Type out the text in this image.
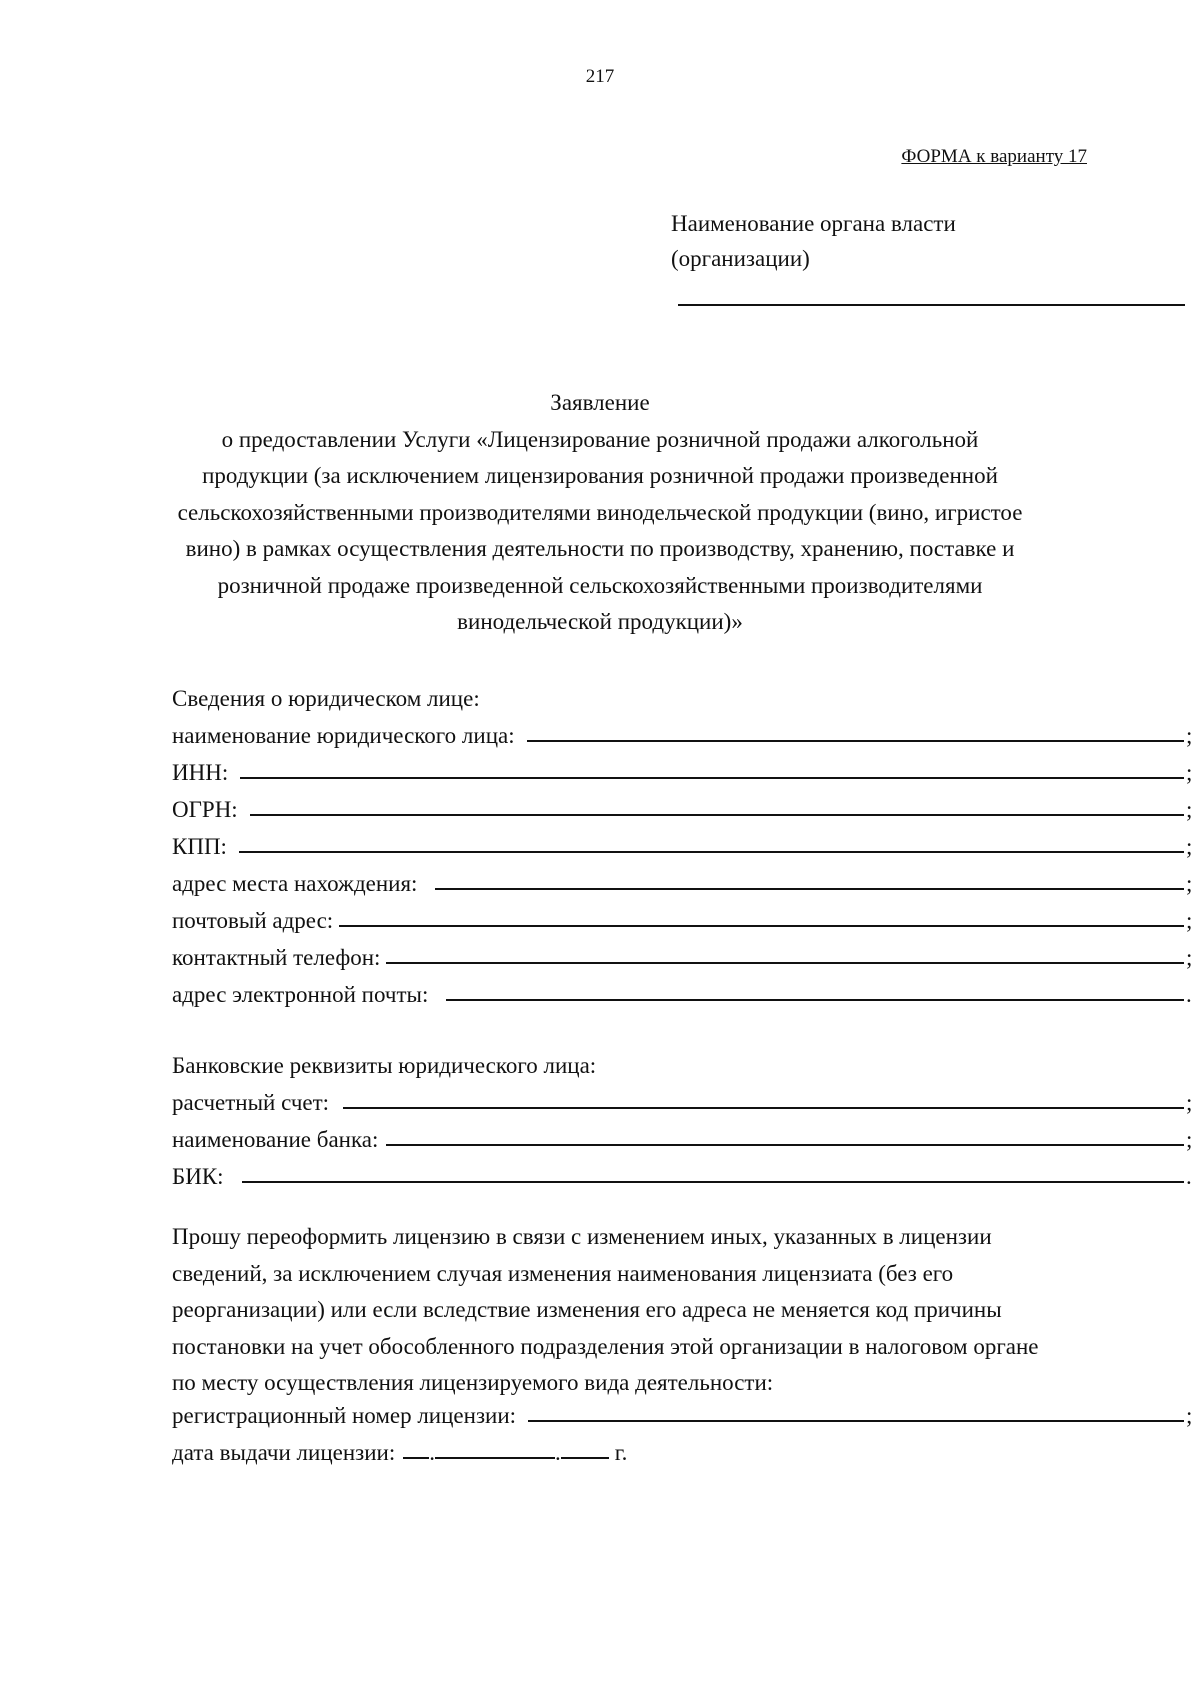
217
ФОРМА к варианту 17
Наименование органа власти
(организации)
Заявление
о предоставлении Услуги «Лицензирование розничной продажи алкогольной
продукции (за исключением лицензирования розничной продажи произведенной
сельскохозяйственными производителями винодельческой продукции (вино, игристое
вино) в рамках осуществления деятельности по производству, хранению, поставке и
розничной продаже произведенной сельскохозяйственными производителями
винодельческой продукции)»
Сведения о юридическом лице:
наименование юридического лица:	;
ИНН:	;
ОГРН:	;
КПП:	;
адрес места нахождения:	;
почтовый адрес:	;
контактный телефон:	;
адрес электронной почты:	.
Банковские реквизиты юридического лица:
расчетный счет:	;
наименование банка:	;
БИК:	.
Прошу переоформить лицензию в связи с изменением иных, указанных в лицензии
сведений, за исключением случая изменения наименования лицензиата (без его
реорганизации) или если вследствие изменения его адреса не меняется код причины
постановки на учет обособленного подразделения этой организации в налоговом органе
по месту осуществления лицензируемого вида деятельности:
регистрационный номер лицензии:	;
дата выдачи лицензии: .	. г.
